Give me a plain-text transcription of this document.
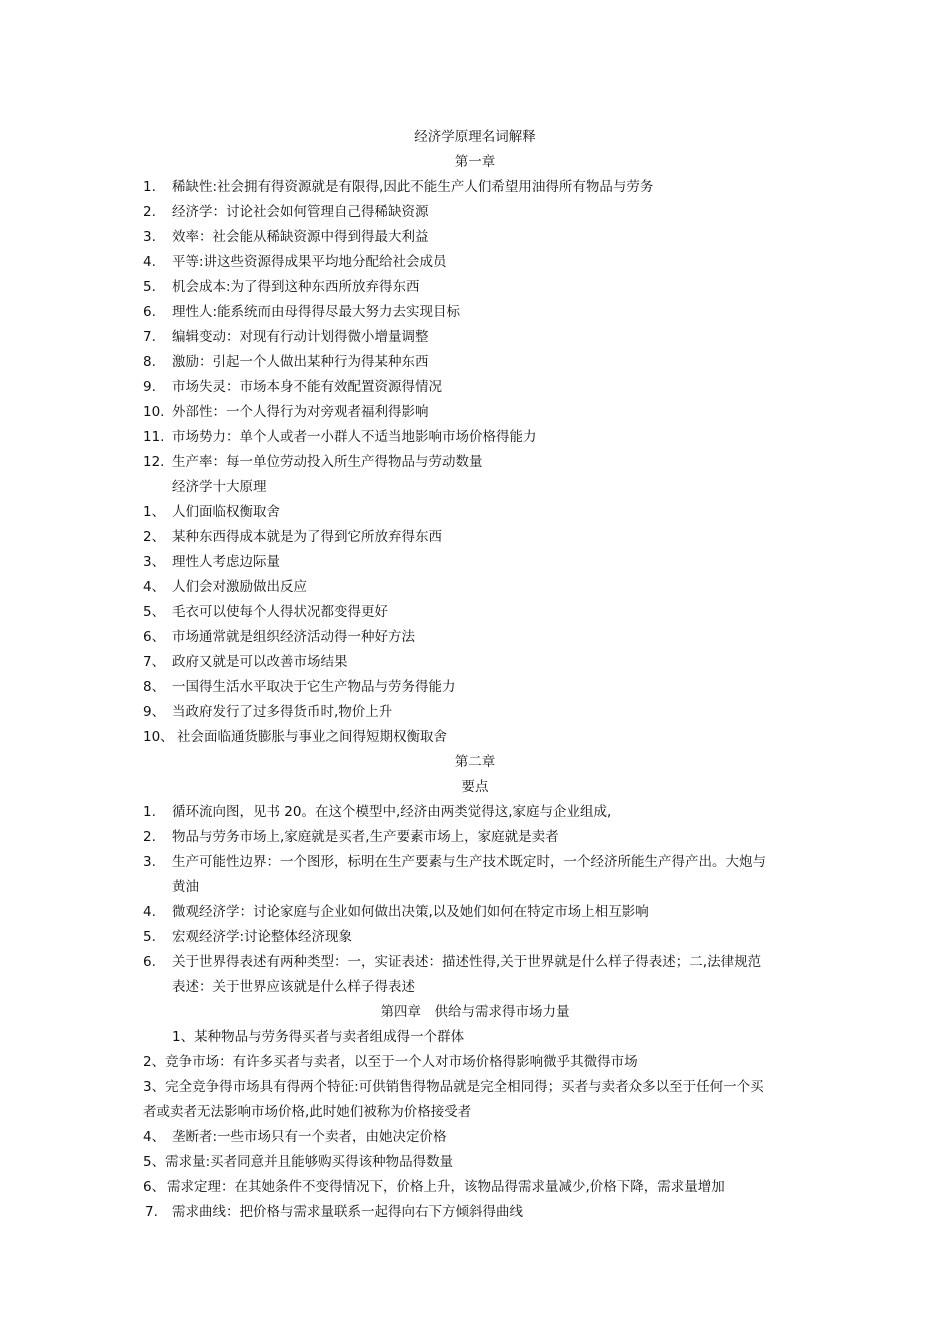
经济学原理名词解释
第一章
1. 稀缺性:社会拥有得资源就是有限得,因此不能生产人们希望用油得所有物品与劳务
2. 经济学：讨论社会如何管理自己得稀缺资源
3. 效率：社会能从稀缺资源中得到得最大利益
4. 平等:讲这些资源得成果平均地分配给社会成员
5. 机会成本:为了得到这种东西所放弃得东西
6. 理性人:能系统而由母得得尽最大努力去实现目标
7. 编辑变动：对现有行动计划得微小增量调整
8. 激励：引起一个人做出某种行为得某种东西
9. 市场失灵：市场本身不能有效配置资源得情况
10. 外部性：一个人得行为对旁观者福利得影响
11. 市场势力：单个人或者一小群人不适当地影响市场价格得能力
12. 生产率：每一单位劳动投入所生产得物品与劳动数量
经济学十大原理
1、 人们面临权衡取舍
2、 某种东西得成本就是为了得到它所放弃得东西
3、 理性人考虑边际量
4、 人们会对激励做出反应
5、 毛衣可以使每个人得状况都变得更好
6、 市场通常就是组织经济活动得一种好方法
7、 政府又就是可以改善市场结果
8、 一国得生活水平取决于它生产物品与劳务得能力
9、 当政府发行了过多得货币时,物价上升
10、 社会面临通货膨胀与事业之间得短期权衡取舍
第二章
要点
1. 循环流向图，见书 20。在这个模型中,经济由两类觉得这,家庭与企业组成,
2. 物品与劳务市场上,家庭就是买者,生产要素市场上，家庭就是卖者
3. 生产可能性边界：一个图形，标明在生产要素与生产技术既定时，一个经济所能生产得产出。大炮与
黄油
4. 微观经济学：讨论家庭与企业如何做出决策,以及她们如何在特定市场上相互影响
5. 宏观经济学:讨论整体经济现象
6. 关于世界得表述有两种类型：一，实证表述：描述性得,关于世界就是什么样子得表述；二,法律规范
表述：关于世界应该就是什么样子得表述
第四章　供给与需求得市场力量
1、某种物品与劳务得买者与卖者组成得一个群体
2、竞争市场：有许多买者与卖者，以至于一个人对市场价格得影响微乎其微得市场
3、完全竞争得市场具有得两个特征:可供销售得物品就是完全相同得；买者与卖者众多以至于任何一个买
者或卖者无法影响市场价格,此时她们被称为价格接受者
4、 垄断者:一些市场只有一个卖者，由她决定价格
5、需求量:买者同意并且能够购买得该种物品得数量
6、 需求定理：在其她条件不变得情况下，价格上升，该物品得需求量减少,价格下降，需求量增加
7. 需求曲线：把价格与需求量联系一起得向右下方倾斜得曲线
